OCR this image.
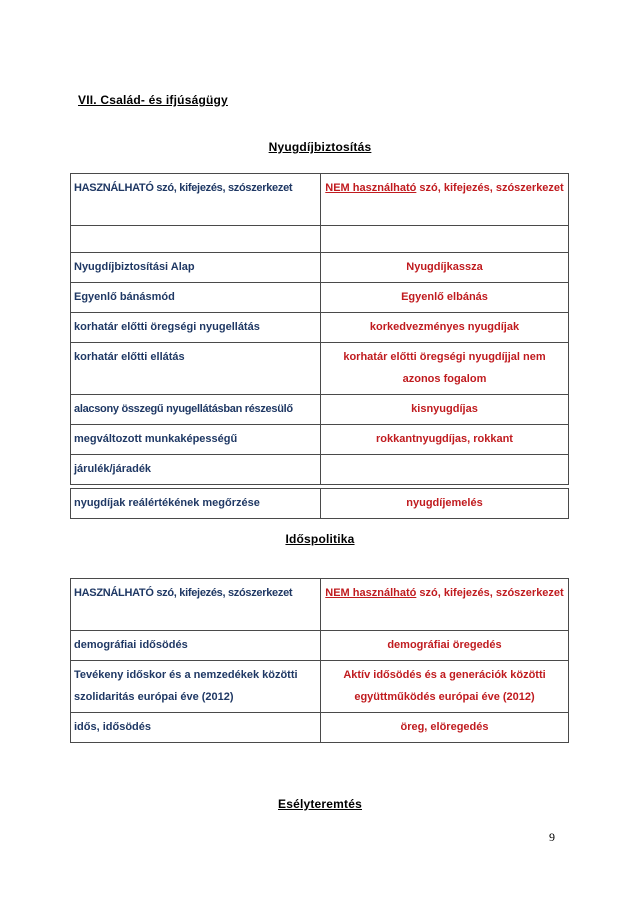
VII. Család- és ifjúságügy
Nyugdíjbiztosítás
HASZNÁLHATÓ szó, kifejezés, szószerkezet	NEM használható szó, kifejezés, szószerkezet

Nyugdíjbiztosítási Alap	Nyugdíjkassza
Egyenlő bánásmód	Egyenlő elbánás
korhatár előtti öregségi nyugellátás	korkedvezményes nyugdíjak
korhatár előtti ellátás	korhatár előtti öregségi nyugdíjjal nem azonos fogalom
alacsony összegű nyugellátásban részesülő	kisnyugdíjas
megváltozott munkaképességű	rokkantnyugdíjas, rokkant
járulék/járadék	
nyugdíjak reálértékének megőrzése	nyugdíjemelés
Időspolitika
HASZNÁLHATÓ szó, kifejezés, szószerkezet	NEM használható szó, kifejezés, szószerkezet
demográfiai idősödés	demográfiai öregedés
Tevékeny időskor és a nemzedékek közötti szolidaritás európai éve (2012)	Aktív idősödés és a generációk közötti együttműködés európai éve (2012)
idős, idősödés	öreg, elöregedés
Esélyteremtés
9
